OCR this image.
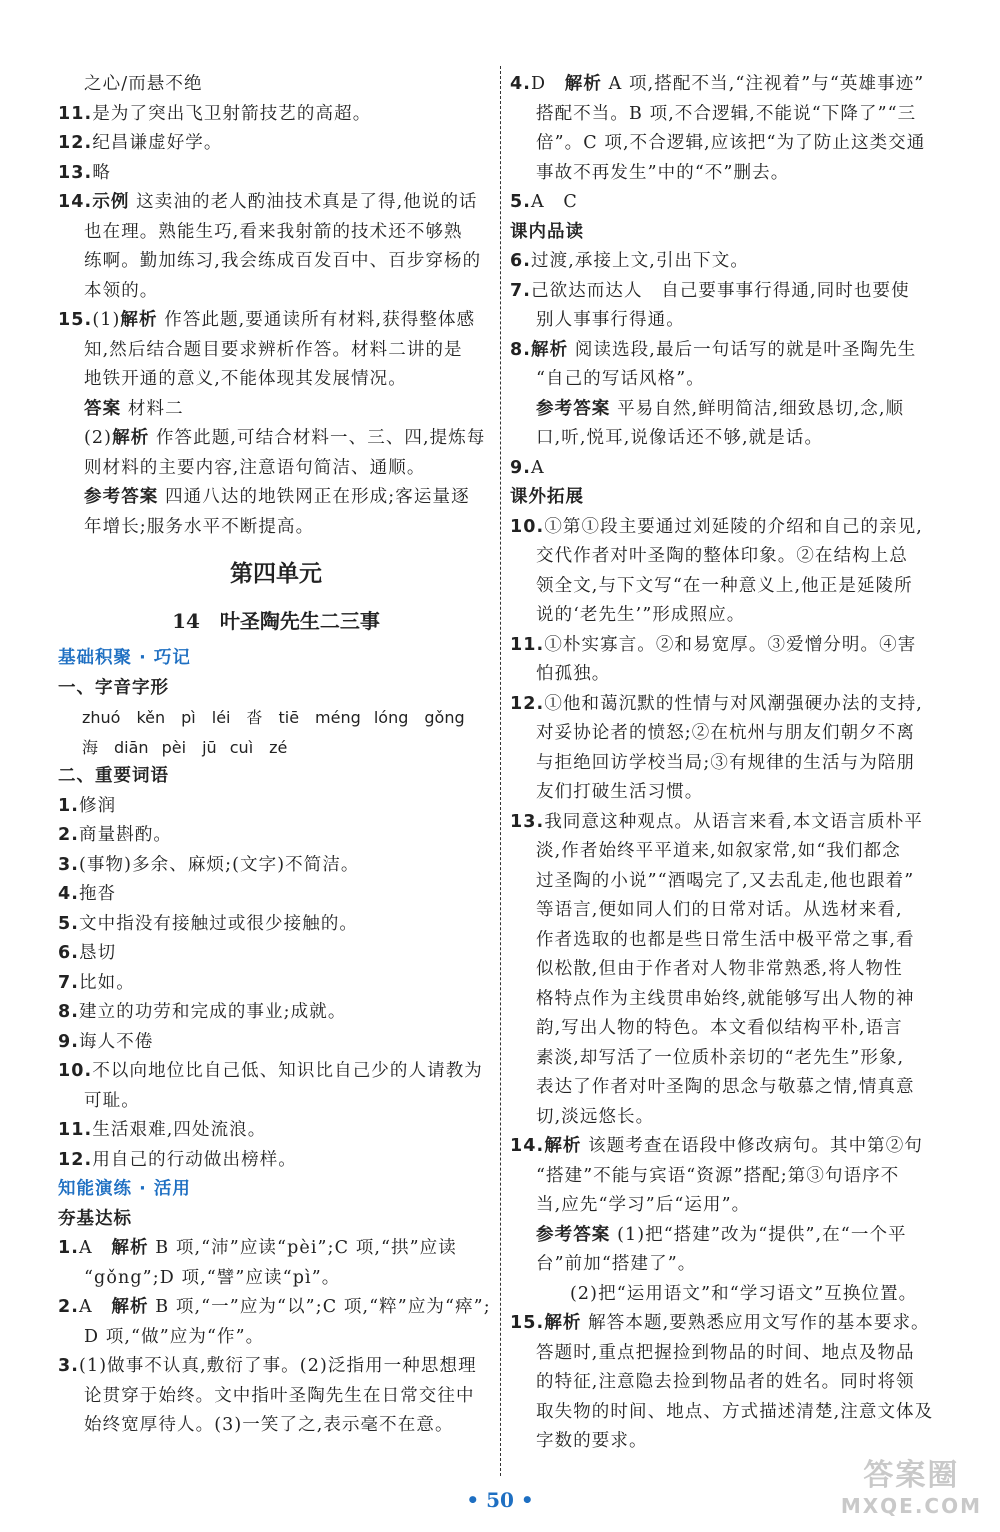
之心/而悬不绝
11.是为了突出飞卫射箭技艺的高超。
12.纪昌谦虚好学。
13.略
14.示例 这卖油的老人酌油技术真是了得,他说的话
也在理。熟能生巧,看来我射箭的技术还不够熟
练啊。勤加练习,我会练成百发百中、百步穿杨的
本领的。
15.(1)解析 作答此题,要通读所有材料,获得整体感
知,然后结合题目要求辨析作答。材料二讲的是
地铁开通的意义,不能体现其发展情况。
答案 材料二
(2)解析 作答此题,可结合材料一、三、四,提炼每
则材料的主要内容,注意语句简洁、通顺。
参考答案 四通八达的地铁网正在形成;客运量逐
年增长;服务水平不断提高。
第四单元
14　叶圣陶先生二三事
基础积聚 · 巧记
一、字音字形
zhuó　kěn　pì　léi　沓　tiē　méng lóng　gǒng
海　diān pèi　jū cuì　zé
二、重要词语
1.修润
2.商量斟酌。
3.(事物)多余、麻烦;(文字)不简洁。
4.拖沓
5.文中指没有接触过或很少接触的。
6.恳切
7.比如。
8.建立的功劳和完成的事业;成就。
9.诲人不倦
10.不以向地位比自己低、知识比自己少的人请教为
可耻。
11.生活艰难,四处流浪。
12.用自己的行动做出榜样。
知能演练 · 活用
夯基达标
1.A　解析 B 项,“沛”应读“pèi”;C 项,“拱”应读
“gǒng”;D 项,“譬”应读“pì”。
2.A　解析 B 项,“一”应为“以”;C 项,“粹”应为“瘁”;
D 项,“做”应为“作”。
3.(1)做事不认真,敷衍了事。(2)泛指用一种思想理
论贯穿于始终。文中指叶圣陶先生在日常交往中
始终宽厚待人。(3)一笑了之,表示毫不在意。
4.D　解析 A 项,搭配不当,“注视着”与“英雄事迹”
搭配不当。B 项,不合逻辑,不能说“下降了”“三
倍”。C 项,不合逻辑,应该把“为了防止这类交通
事故不再发生”中的“不”删去。
5.A　C
课内品读
6.过渡,承接上文,引出下文。
7.己欲达而达人　自己要事事行得通,同时也要使
别人事事行得通。
8.解析 阅读选段,最后一句话写的就是叶圣陶先生
“自己的写话风格”。
参考答案 平易自然,鲜明简洁,细致恳切,念,顺
口,听,悦耳,说像话还不够,就是话。
9.A
课外拓展
10.①第①段主要通过刘延陵的介绍和自己的亲见,
交代作者对叶圣陶的整体印象。②在结构上总
领全文,与下文写“在一种意义上,他正是延陵所
说的‘老先生’”形成照应。
11.①朴实寡言。②和易宽厚。③爱憎分明。④害
怕孤独。
12.①他和蔼沉默的性情与对风潮强硬办法的支持,
对妥协论者的愤怒;②在杭州与朋友们朝夕不离
与拒绝回访学校当局;③有规律的生活与为陪朋
友们打破生活习惯。
13.我同意这种观点。从语言来看,本文语言质朴平
淡,作者始终平平道来,如叙家常,如“我们都念
过圣陶的小说”“酒喝完了,又去乱走,他也跟着”
等语言,便如同人们的日常对话。从选材来看,
作者选取的也都是些日常生活中极平常之事,看
似松散,但由于作者对人物非常熟悉,将人物性
格特点作为主线贯串始终,就能够写出人物的神
韵,写出人物的特色。本文看似结构平朴,语言
素淡,却写活了一位质朴亲切的“老先生”形象,
表达了作者对叶圣陶的思念与敬慕之情,情真意
切,淡远悠长。
14.解析 该题考查在语段中修改病句。其中第②句
“搭建”不能与宾语“资源”搭配;第③句语序不
当,应先“学习”后“运用”。
参考答案 (1)把“搭建”改为“提供”,在“一个平
台”前加“搭建了”。
(2)把“运用语文”和“学习语文”互换位置。
15.解析 解答本题,要熟悉应用文写作的基本要求。
答题时,重点把握捡到物品的时间、地点及物品
的特征,注意隐去捡到物品者的姓名。同时将领
取失物的时间、地点、方式描述清楚,注意文体及
字数的要求。
• 50 •
答案圈
MXQE.COM
